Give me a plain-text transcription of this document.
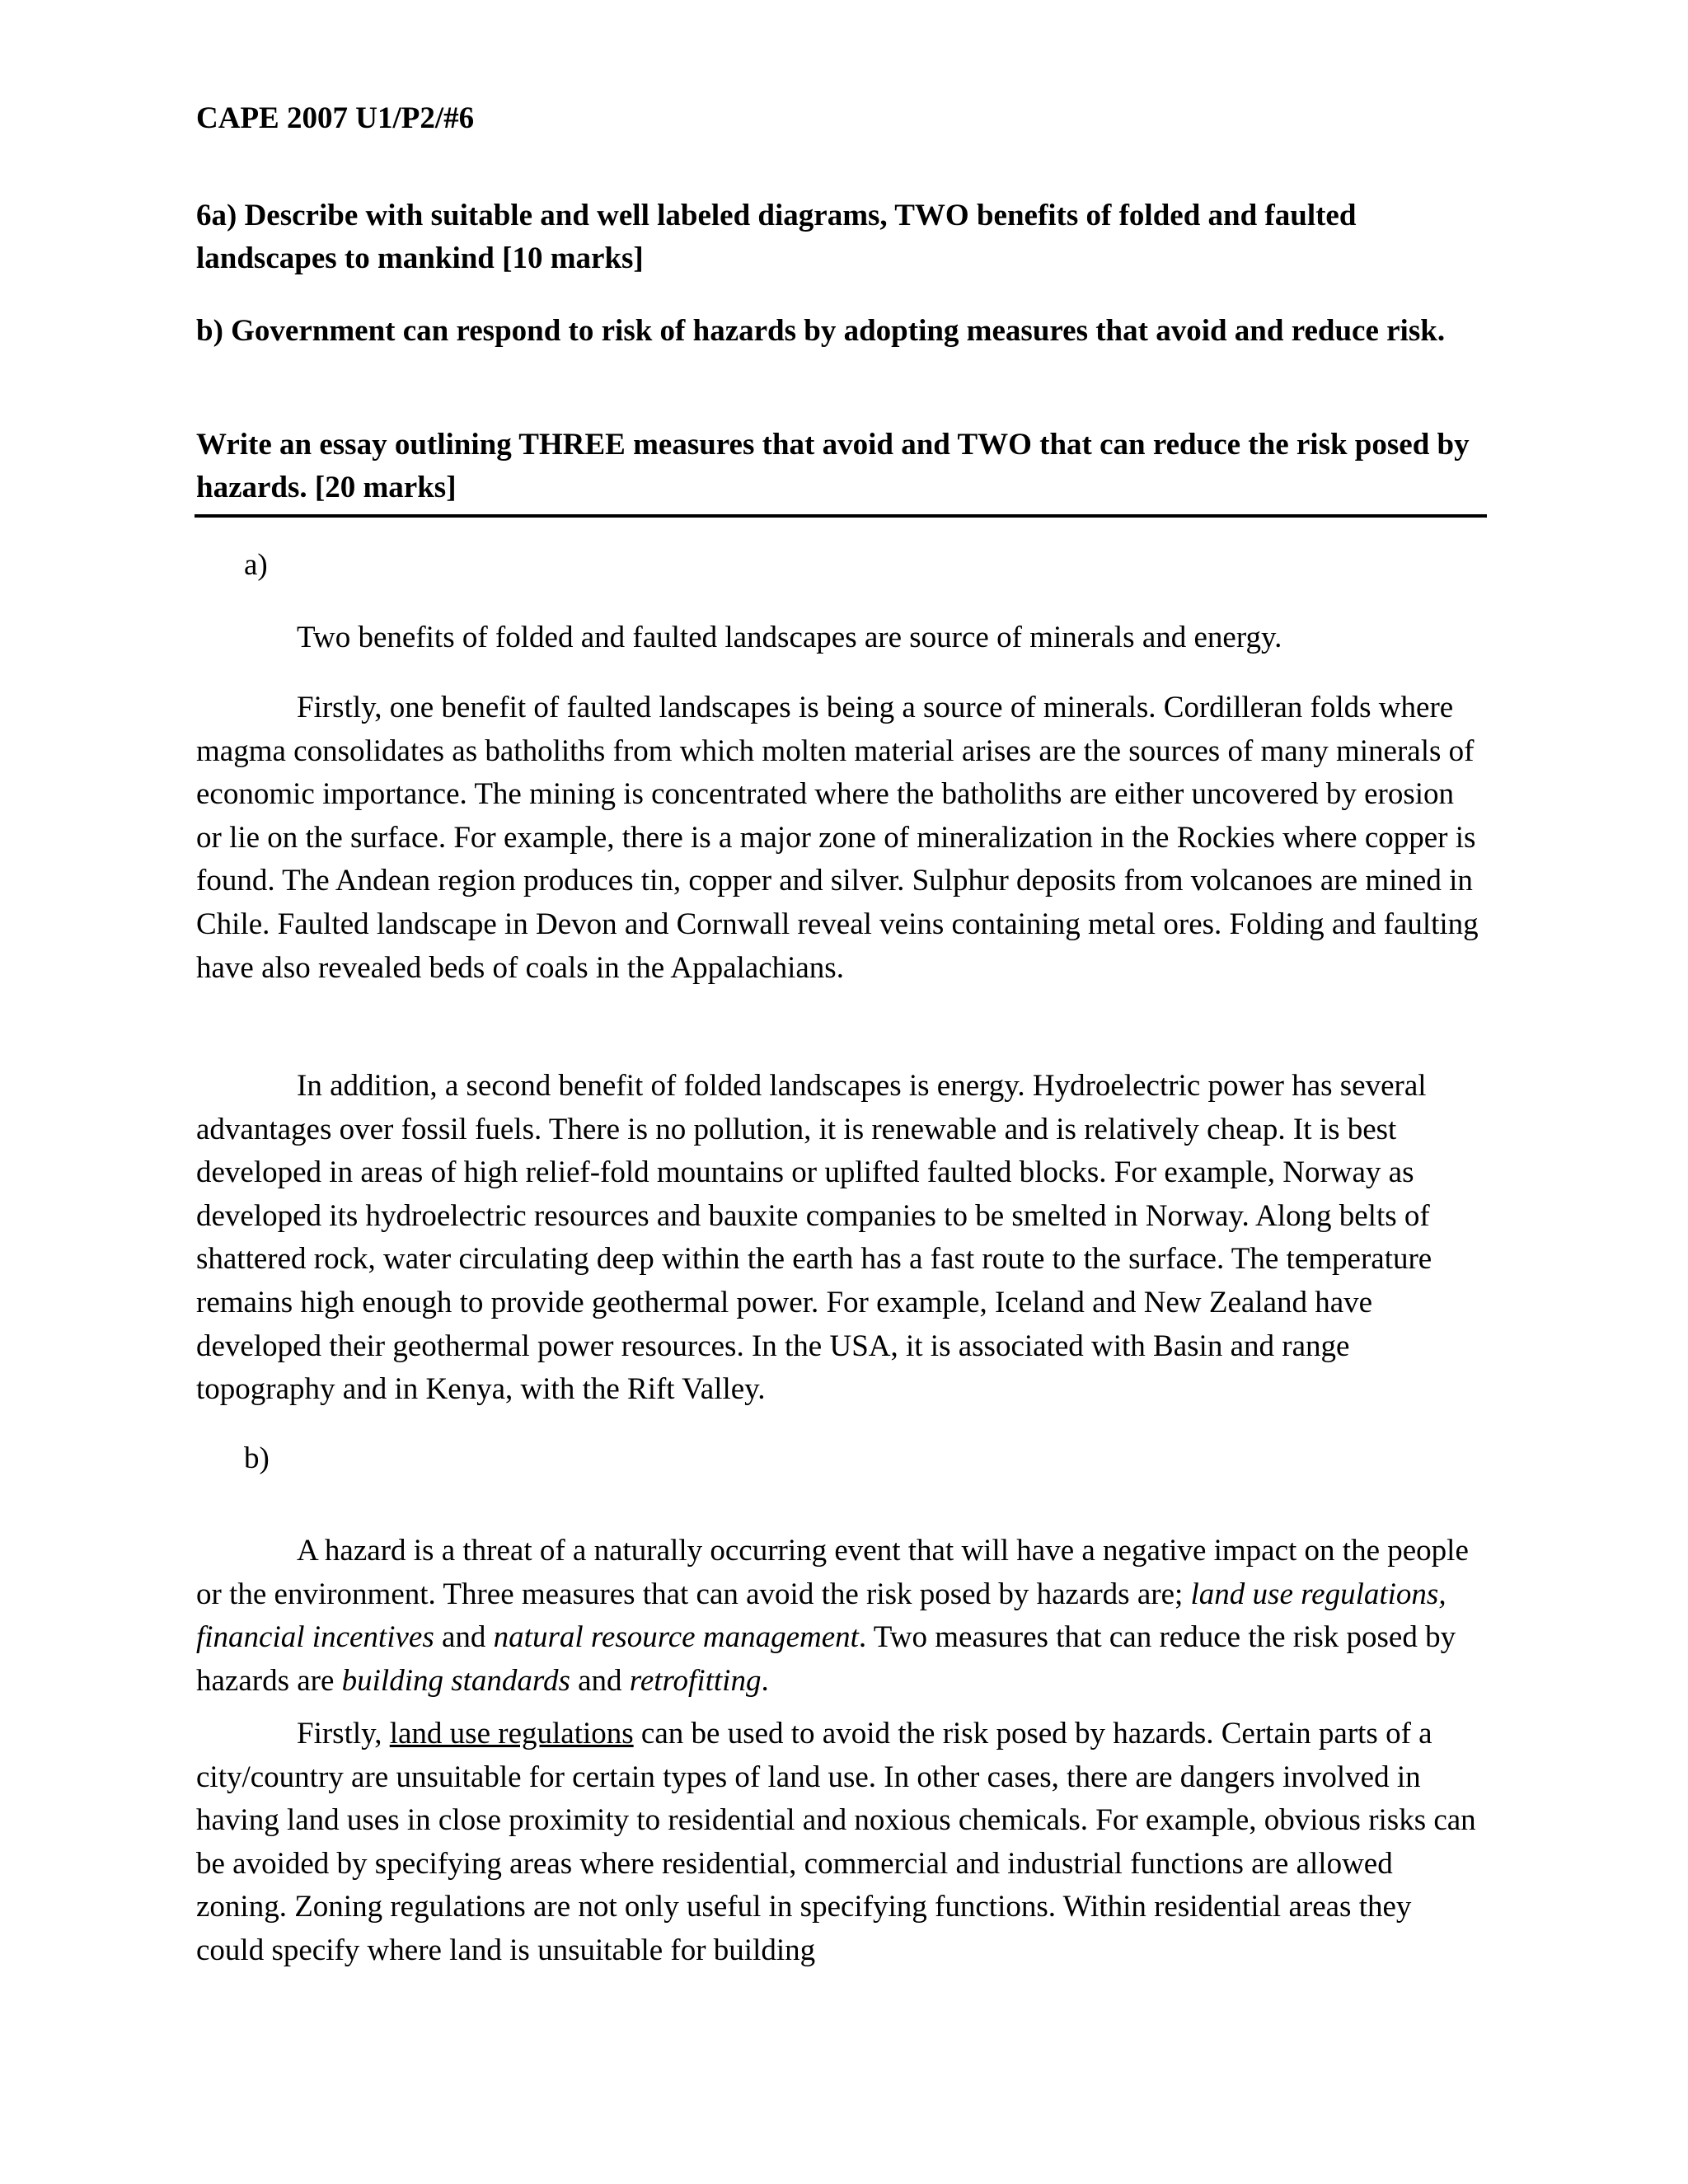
CAPE 2007 U1/P2/#6

6a) Describe with suitable and well labeled diagrams, TWO benefits of folded and faulted landscapes to mankind [10 marks]

b) Government can respond to risk of hazards by adopting measures that avoid and reduce risk.

Write an essay outlining THREE measures that avoid and TWO that can reduce the risk posed by hazards. [20 marks]

a)

Two benefits of folded and faulted landscapes are source of minerals and energy.

Firstly, one benefit of faulted landscapes is being a source of minerals. Cordilleran folds where magma consolidates as batholiths from which molten material arises are the sources of many minerals of economic importance. The mining is concentrated where the batholiths are either uncovered by erosion or lie on the surface. For example, there is a major zone of mineralization in the Rockies where copper is found. The Andean region produces tin, copper and silver. Sulphur deposits from volcanoes are mined in Chile. Faulted landscape in Devon and Cornwall reveal veins containing metal ores. Folding and faulting have also revealed beds of coals in the Appalachians.

In addition, a second benefit of folded landscapes is energy. Hydroelectric power has several advantages over fossil fuels. There is no pollution, it is renewable and is relatively cheap. It is best developed in areas of high relief-fold mountains or uplifted faulted blocks. For example, Norway as developed its hydroelectric resources and bauxite companies to be smelted in Norway. Along belts of shattered rock, water circulating deep within the earth has a fast route to the surface. The temperature remains high enough to provide geothermal power. For example, Iceland and New Zealand have developed their geothermal power resources. In the USA, it is associated with Basin and range topography and in Kenya, with the Rift Valley.

b)

A hazard is a threat of a naturally occurring event that will have a negative impact on the people or the environment. Three measures that can avoid the risk posed by hazards are; land use regulations, financial incentives and natural resource management. Two measures that can reduce the risk posed by hazards are building standards and retrofitting.

Firstly, land use regulations can be used to avoid the risk posed by hazards. Certain parts of a city/country are unsuitable for certain types of land use. In other cases, there are dangers involved in having land uses in close proximity to residential and noxious chemicals. For example, obvious risks can be avoided by specifying areas where residential, commercial and industrial functions are allowed zoning. Zoning regulations are not only useful in specifying functions. Within residential areas they could specify where land is unsuitable for building
